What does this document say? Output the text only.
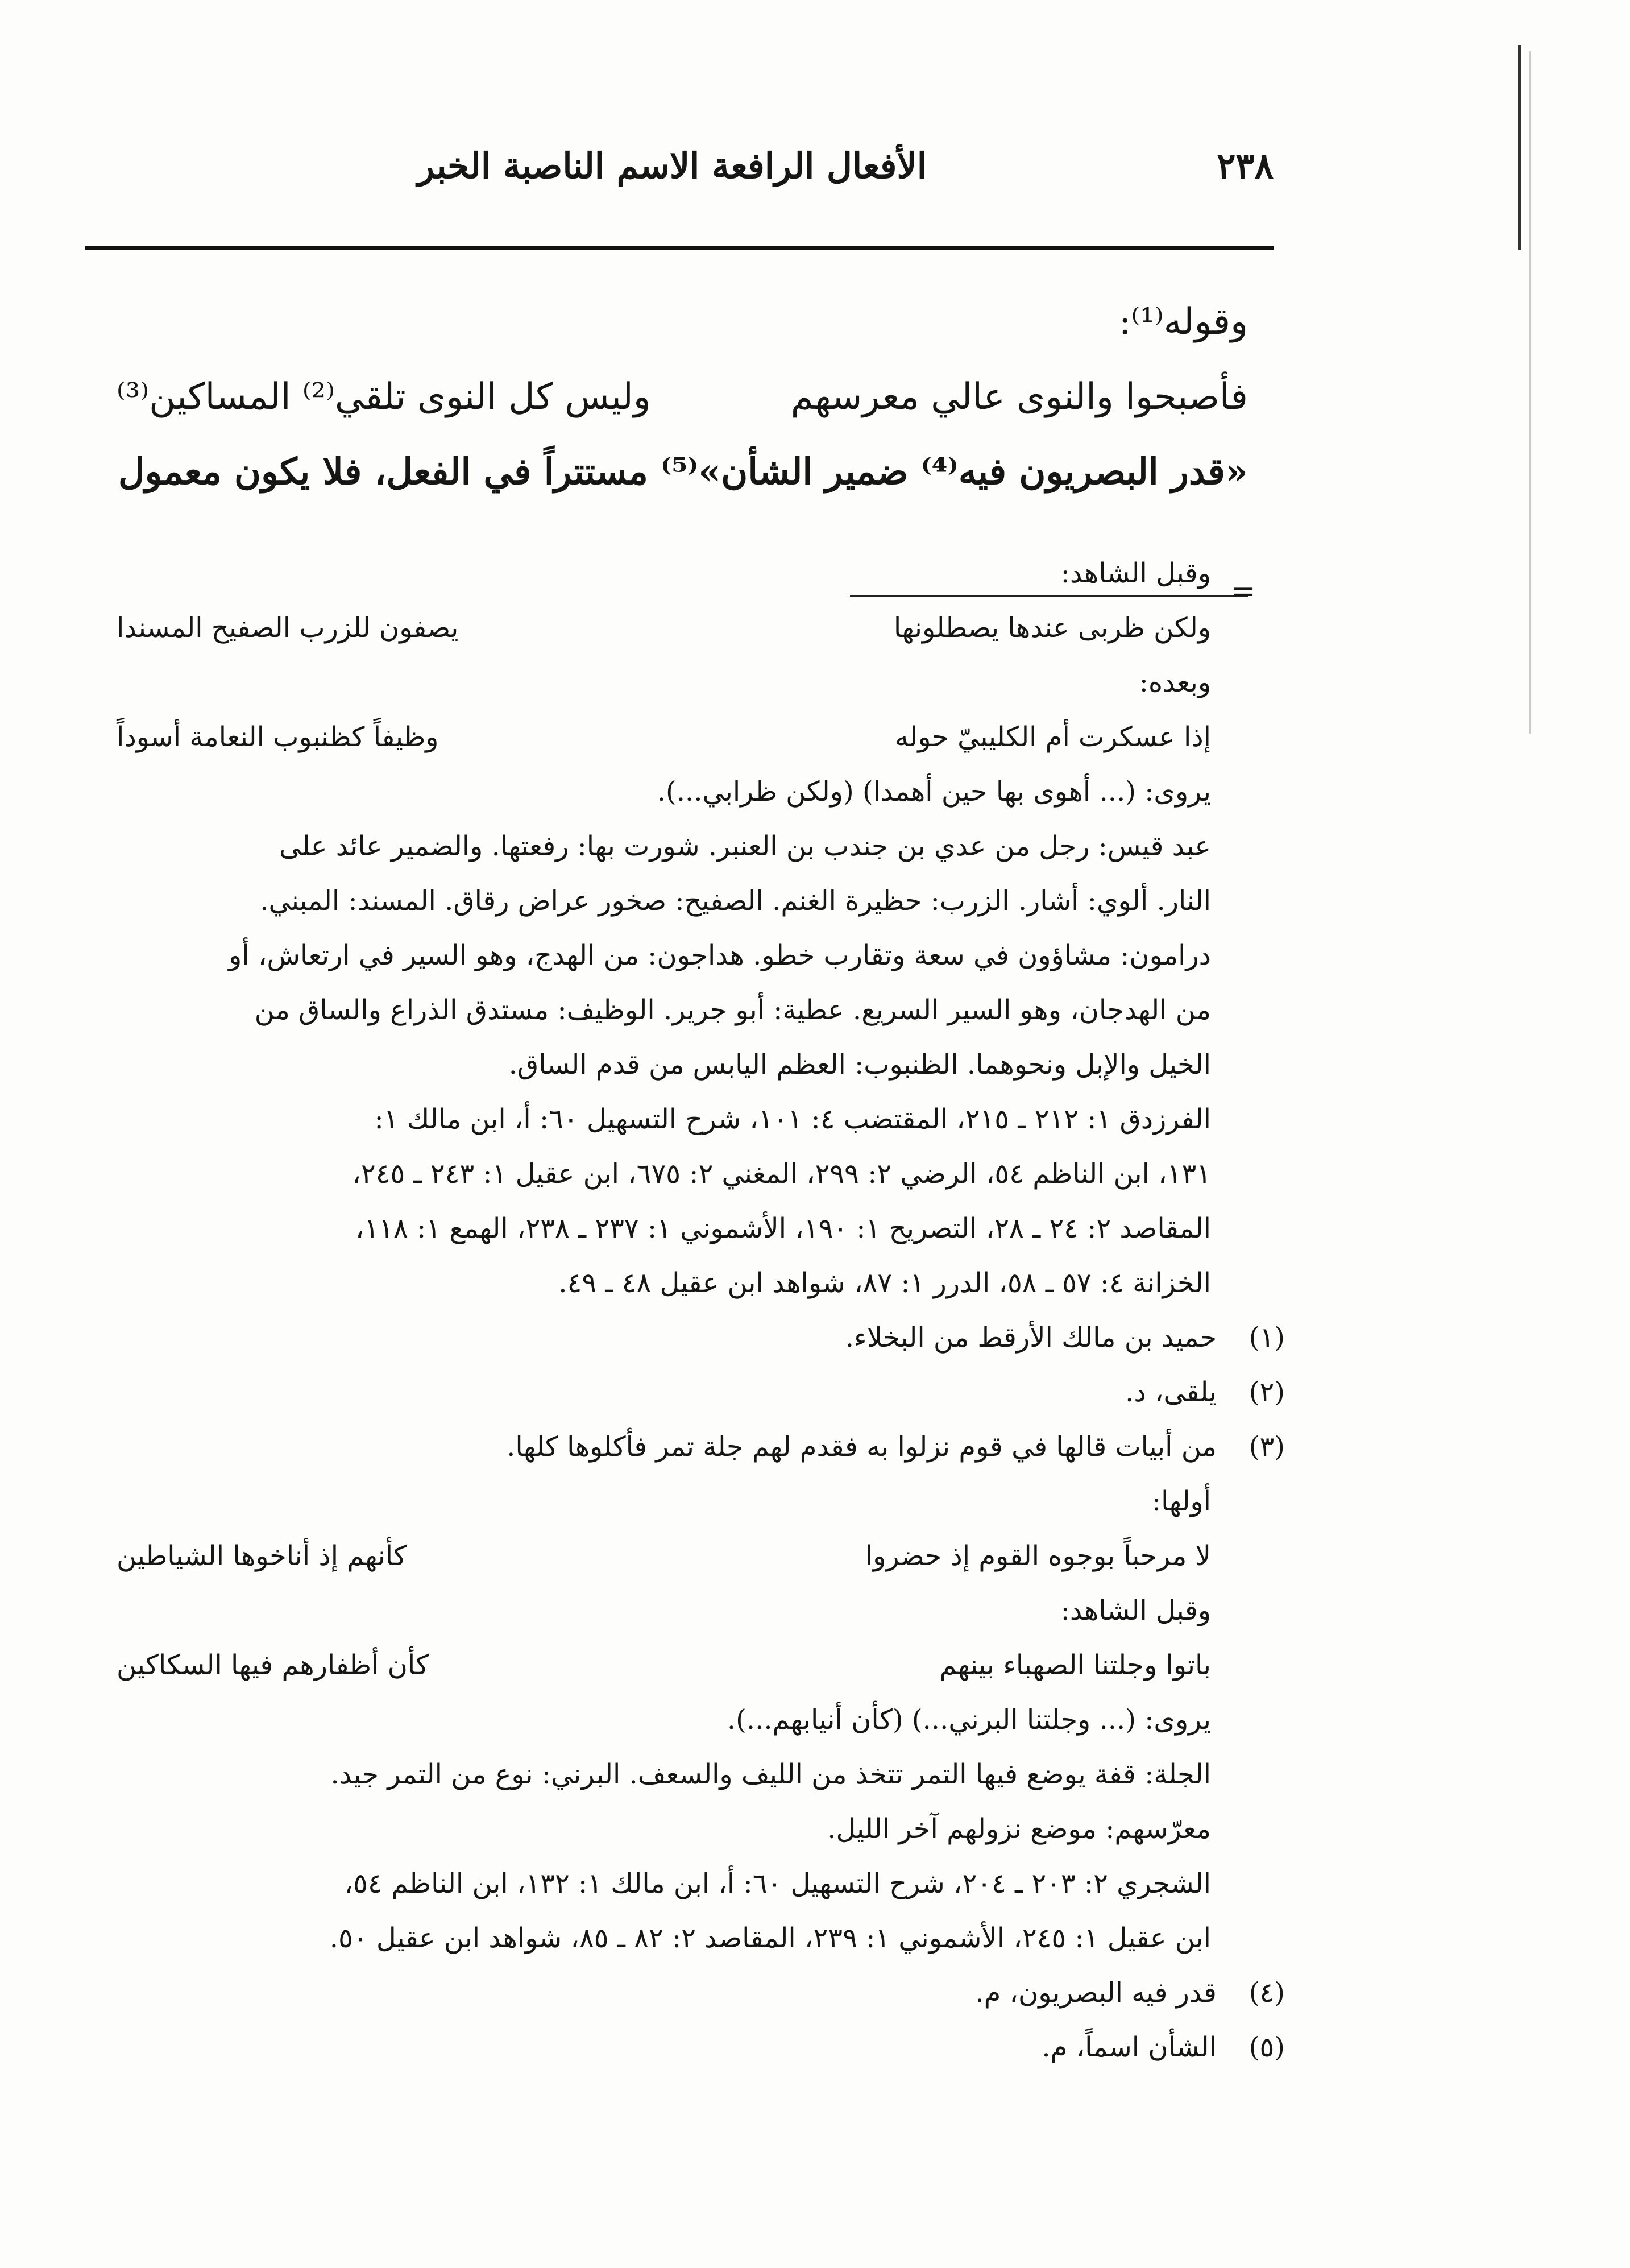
٢٣٨
الأفعال الرافعة الاسم الناصبة الخبر
وقوله⁽¹⁾:
فأصبحوا والنوى عالي معرسهم
وليس كل النوى تلقي⁽²⁾ المساكين⁽³⁾
«قدر البصريون فيه⁽⁴⁾ ضمير الشأن»⁽⁵⁾ مستتراً في الفعل، فلا يكون معمول
=

وقبل الشاهد:

ولكن ظربى عندها يصطلونها
يصفون للزرب الصفيح المسندا

وبعده:

إذا عسكرت أم الكليبيّ حوله
وظيفاً كظنبوب النعامة أسوداً

يروى: (... أهوى بها حين أهمدا) (ولكن ظرابي...).

عبد قيس: رجل من عدي بن جندب بن العنبر. شورت بها: رفعتها. والضمير عائد على

النار. ألوي: أشار. الزرب: حظيرة الغنم. الصفيح: صخور عراض رقاق. المسند: المبني.

درامون: مشاؤون في سعة وتقارب خطو. هداجون: من الهدج، وهو السير في ارتعاش، أو

من الهدجان، وهو السير السريع. عطية: أبو جرير. الوظيف: مستدق الذراع والساق من

الخيل والإبل ونحوهما. الظنبوب: العظم اليابس من قدم الساق.

الفرزدق ١: ٢١٢ ـ ٢١٥، المقتضب ٤: ١٠١، شرح التسهيل ٦٠: أ، ابن مالك ١:

١٣١، ابن الناظم ٥٤، الرضي ٢: ٢٩٩، المغني ٢: ٦٧٥، ابن عقيل ١: ٢٤٣ ـ ٢٤٥،

المقاصد ٢: ٢٤ ـ ٢٨، التصريح ١: ١٩٠، الأشموني ١: ٢٣٧ ـ ٢٣٨، الهمع ١: ١١٨،

الخزانة ٤: ٥٧ ـ ٥٨، الدرر ١: ٨٧، شواهد ابن عقيل ٤٨ ـ ٤٩.

(١)
حميد بن مالك الأرقط من البخلاء.
(٢)
يلقى، د.
(٣)
من أبيات قالها في قوم نزلوا به فقدم لهم جلة تمر فأكلوها كلها.

أولها:

لا مرحباً بوجوه القوم إذ حضروا
كأنهم إذ أناخوها الشياطين

وقبل الشاهد:

باتوا وجلتنا الصهباء بينهم
كأن أظفارهم فيها السكاكين

يروى: (... وجلتنا البرني...) (كأن أنيابهم...).

الجلة: قفة يوضع فيها التمر تتخذ من الليف والسعف. البرني: نوع من التمر جيد.

معرّسهم: موضع نزولهم آخر الليل.

الشجري ٢: ٢٠٣ ـ ٢٠٤، شرح التسهيل ٦٠: أ، ابن مالك ١: ١٣٢، ابن الناظم ٥٤،

ابن عقيل ١: ٢٤٥، الأشموني ١: ٢٣٩، المقاصد ٢: ٨٢ ـ ٨٥، شواهد ابن عقيل ٥٠.

(٤)
قدر فيه البصريون، م.
(٥)
الشأن اسماً، م.
